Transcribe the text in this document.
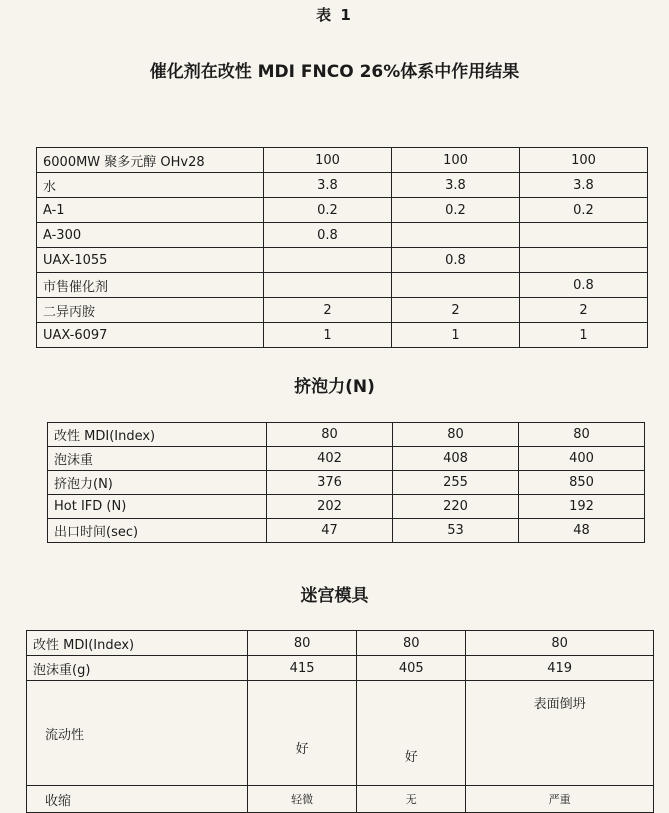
表 1
催化剂在改性 MDI FNCO 26%体系中作用结果
6000MW 聚多元醇 OHv28	100	100	100
水	3.8	3.8	3.8
A-1	0.2	0.2	0.2
A-300	0.8		
UAX-1055		0.8	
市售催化剂			0.8
二异丙胺	2	2	2
UAX-6097	1	1	1
挤泡力(N)
改性 MDI(Index)	80	80	80
泡沫重	402	408	400
挤泡力(N)	376	255	850
Hot IFD (N)	202	220	192
出口时间(sec)	47	53	48
迷宫模具
改性 MDI(Index)	80	80	80
泡沫重(g)	415	405	419
流动性	好	好	表面倒坍
收缩	轻微	无	严重
